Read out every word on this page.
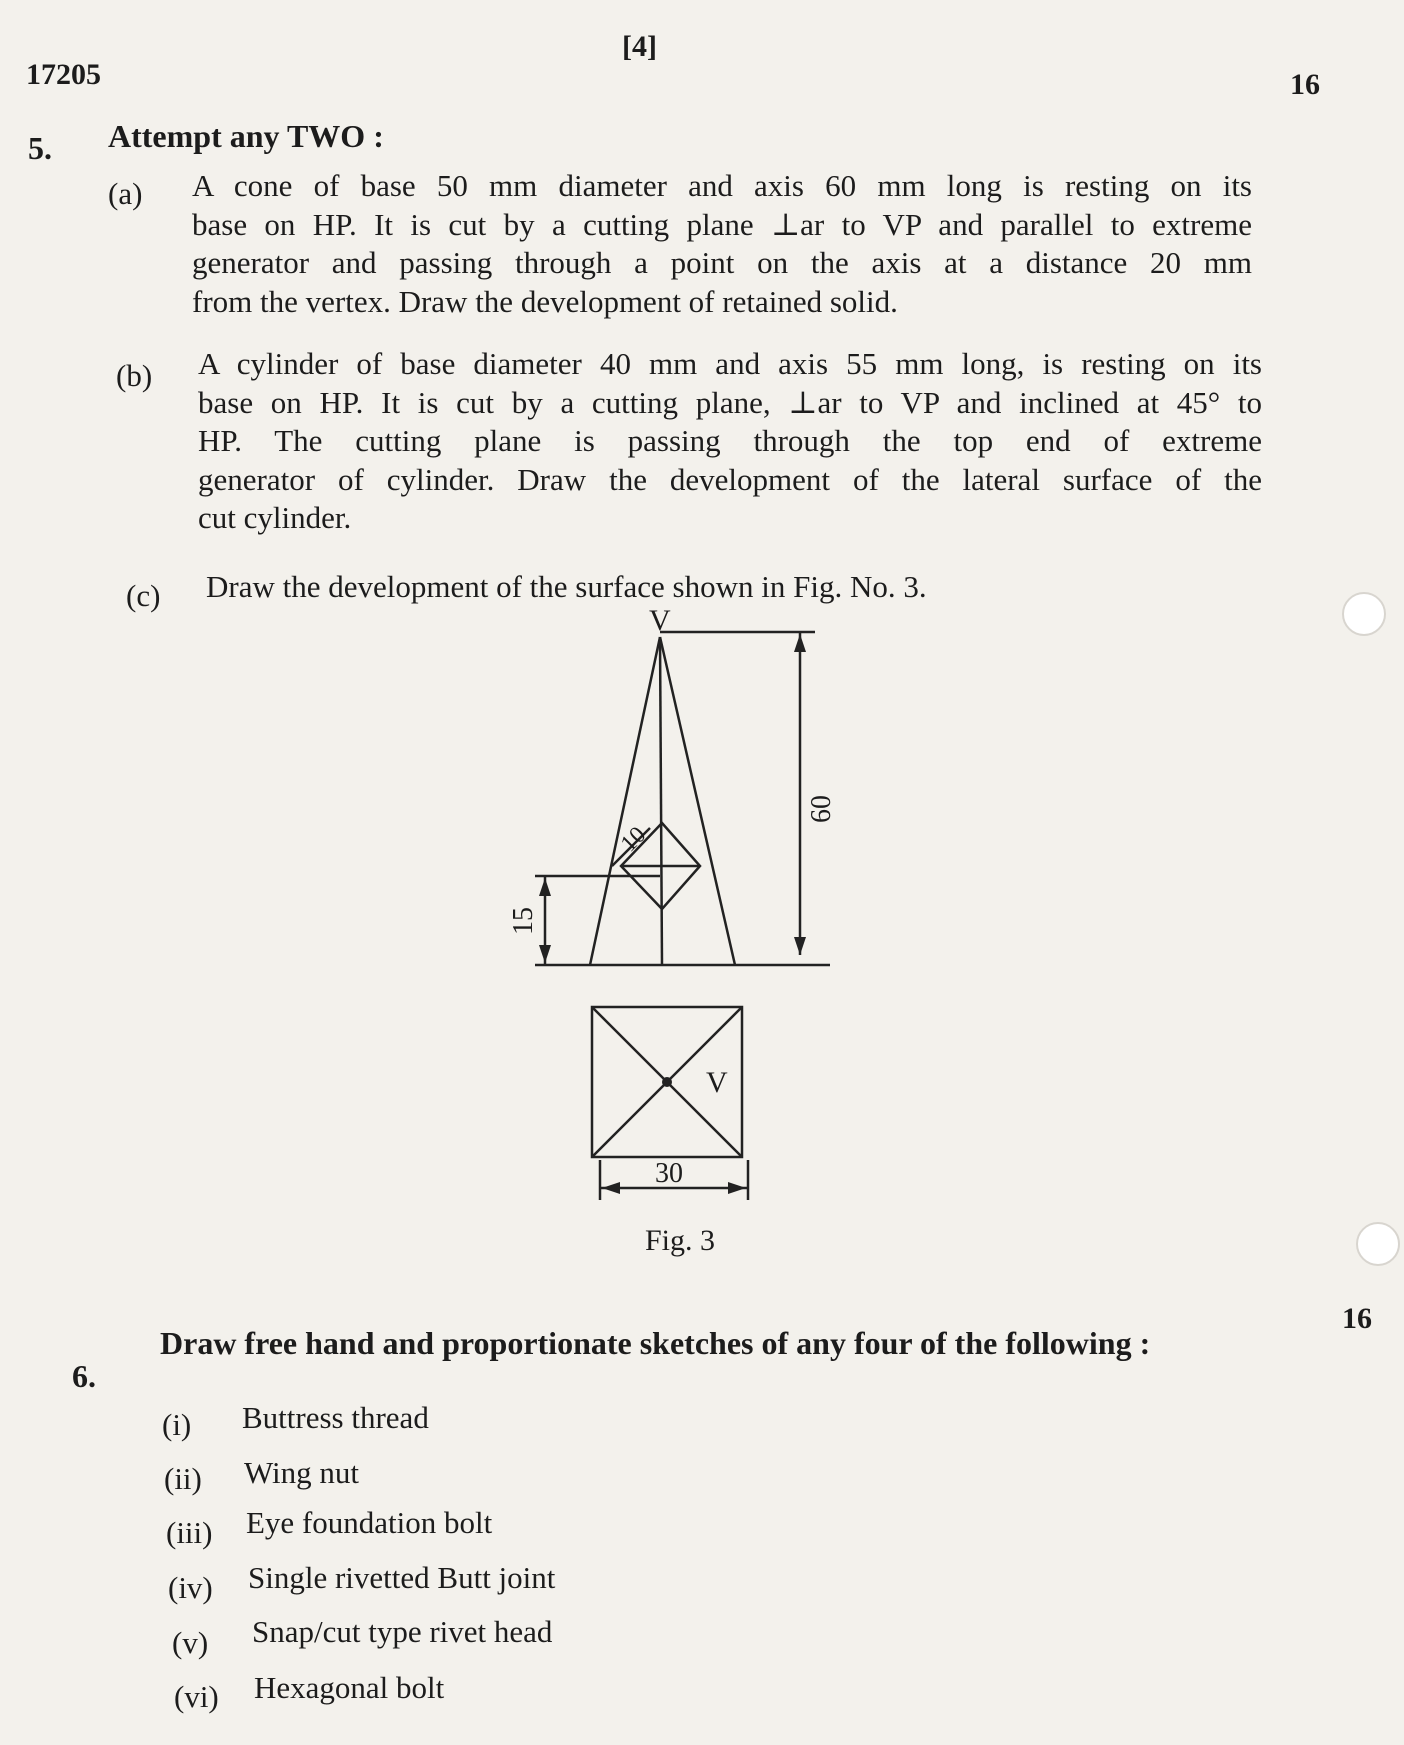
17205
[4]
16
5. Attempt any TWO :
(a) A cone of base 50 mm diameter and axis 60 mm long is resting on its
base on HP. It is cut by a cutting plane ⊥ar to VP and parallel to extreme
generator and passing through a point on the axis at a distance 20 mm
from the vertex. Draw the development of retained solid.
(b) A cylinder of base diameter 40 mm and axis 55 mm long, is resting on its
base on HP. It is cut by a cutting plane, ⊥ar to VP and inclined at 45° to
HP. The cutting plane is passing through the top end of extreme
generator of cylinder. Draw the development of the lateral surface of the
cut cylinder.
(c) Draw the development of the surface shown in Fig. No. 3.
V
60
15
10
V
30
Fig. 3
16
6.
Draw free hand and proportionate sketches of any four of the following :
(i) Buttress thread
(ii) Wing nut
(iii) Eye foundation bolt
(iv) Single rivetted Butt joint
(v) Snap/cut type rivet head
(vi) Hexagonal bolt
